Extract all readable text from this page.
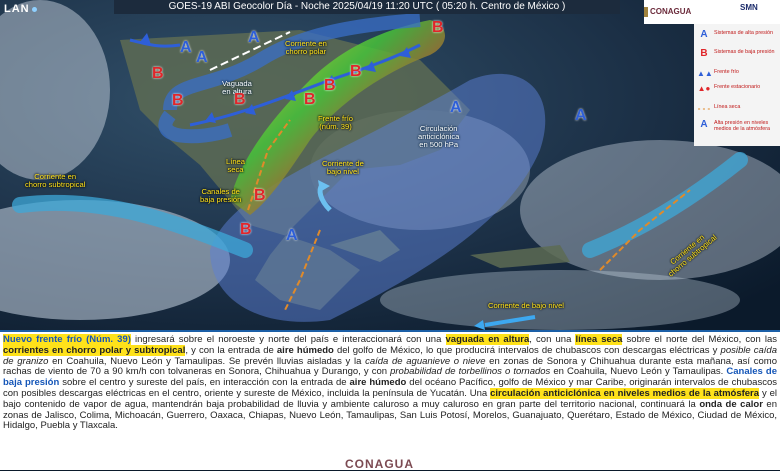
LAN	GOES-19 ABI Geocolor Día - Noche 2025/04/19 11:20 UTC ( 05:20 h. Centro de México )	CONAGUA	SMN
A	Sistemas de alta presión
B	Sistemas de baja presión
▲▲ Frente frío
▲● Frente estacionario
- - - Línea seca
A	Alta presión en niveles medios de la atmósfera
Corriente en
chorro polar
Vaguada
en altura
Frente frío
(núm. 39)	Circulación
anticiclónica
en 500 hPa
Línea
seca
Canales de
baja presión
Corriente de
bajo nivel
Corriente en
chorro subtropical
Corriente en
chorro subtropical
Corriente de bajo nivel
A
A
A
A	A
A
B
B	B	B
B
B
B
B
B
Nuevo frente frío (Núm. 39) ingresará sobre el noroeste y norte del país e interaccionará con una vaguada en altura, con una línea seca sobre el norte del México, con las corrientes en chorro polar y subtropical, y con la entrada de aire húmedo del golfo de México, lo que producirá intervalos de chubascos con descargas eléctricas y posible caída de granizo en Coahuila, Nuevo León y Tamaulipas. Se prevén lluvias aisladas y la caída de aguanieve o nieve en zonas de Sonora y Chihuahua durante esta mañana, así como rachas de viento de 70 a 90 km/h con tolvaneras en Sonora, Chihuahua y Durango, y con probabilidad de torbellinos o tornados en Coahuila, Nuevo León y Tamaulipas. Canales de baja presión sobre el centro y sureste del país, en interacción con la entrada de aire húmedo del océano Pacífico, golfo de México y mar Caribe, originarán intervalos de chubascos con posibles descargas eléctricas en el centro, oriente y sureste de México, incluida la península de Yucatán. Una circulación anticiclónica en niveles medios de la atmósfera y el bajo contenido de vapor de agua, mantendrán baja probabilidad de lluvia y ambiente caluroso a muy caluroso en gran parte del territorio nacional, continuará la onda de calor en zonas de Jalisco, Colima, Michoacán, Guerrero, Oaxaca, Chiapas, Nuevo León, Tamaulipas, San Luis Potosí, Morelos, Guanajuato, Querétaro, Estado de México, Ciudad de México, Hidalgo, Puebla y Tlaxcala.
CONAGUA
